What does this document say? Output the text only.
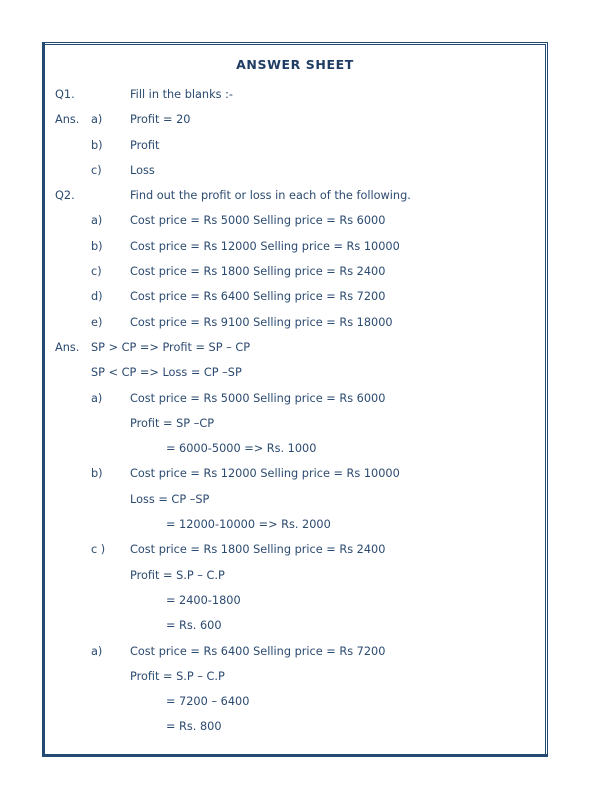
ANSWER SHEET
Q1.	Fill in the blanks :-
Ans. a) Profit = 20
b) Profit
c)	Loss
Q2.	Find out the profit or loss in each of the following.
a) Cost price = Rs 5000 Selling price = Rs 6000
b) Cost price = Rs 12000 Selling price = Rs 10000
c)	Cost price = Rs 1800 Selling price = Rs 2400
d) Cost price = Rs 6400 Selling price = Rs 7200
e) Cost price = Rs 9100 Selling price = Rs 18000
Ans. SP > CP => Profit = SP – CP
SP < CP => Loss = CP –SP
a) Cost price = Rs 5000 Selling price = Rs 6000
Profit = SP –CP
= 6000-5000 => Rs. 1000
b) Cost price = Rs 12000 Selling price = Rs 10000
Loss = CP –SP
= 12000-10000 => Rs. 2000
c ) Cost price = Rs 1800 Selling price = Rs 2400
Profit = S.P – C.P
= 2400-1800
= Rs. 600
a) Cost price = Rs 6400 Selling price = Rs 7200
Profit = S.P – C.P
= 7200 – 6400
= Rs. 800
